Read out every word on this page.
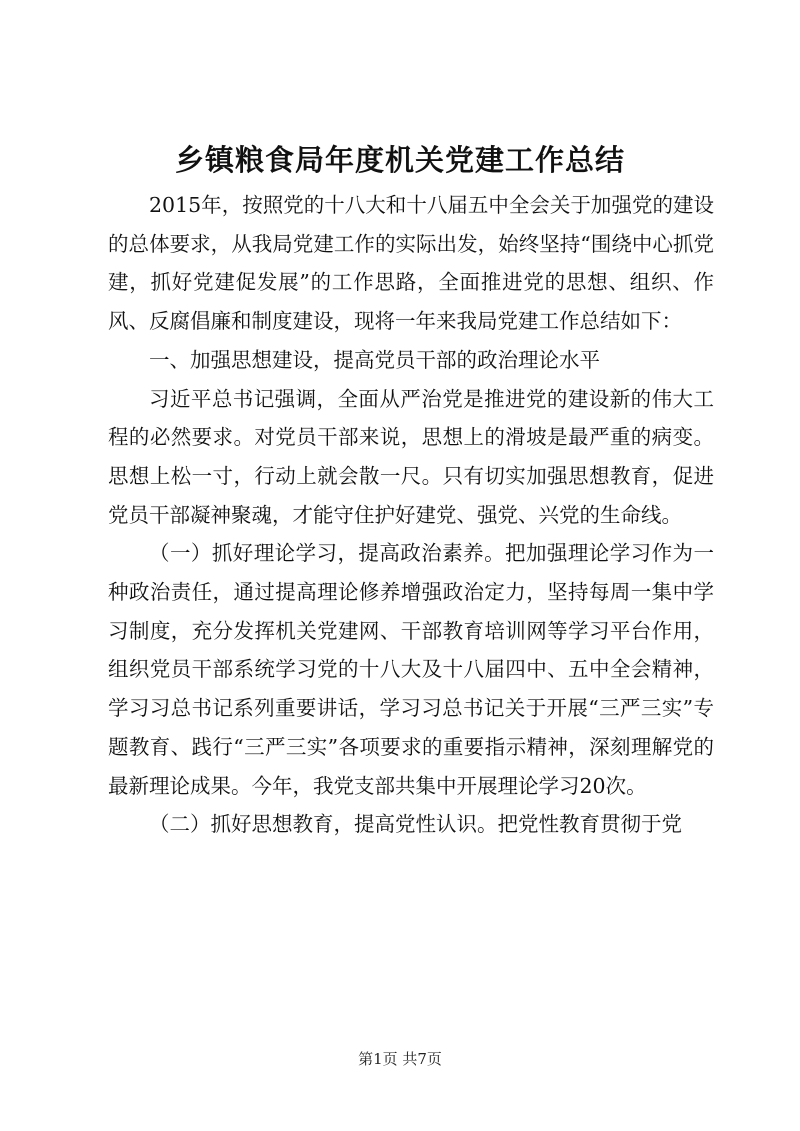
乡镇粮食局年度机关党建工作总结

2015年，按照党的十八大和十八届五中全会关于加强党的建设的总体要求，从我局党建工作的实际出发，始终坚持“围绕中心抓党建，抓好党建促发展”的工作思路，全面推进党的思想、组织、作风、反腐倡廉和制度建设，现将一年来我局党建工作总结如下：

一、加强思想建设，提高党员干部的政治理论水平

习近平总书记强调，全面从严治党是推进党的建设新的伟大工程的必然要求。对党员干部来说，思想上的滑坡是最严重的病变。思想上松一寸，行动上就会散一尺。只有切实加强思想教育，促进党员干部凝神聚魂，才能守住护好建党、强党、兴党的生命线。

（一）抓好理论学习，提高政治素养。把加强理论学习作为一种政治责任，通过提高理论修养增强政治定力，坚持每周一集中学习制度，充分发挥机关党建网、干部教育培训网等学习平台作用，组织党员干部系统学习党的十八大及十八届四中、五中全会精神，学习习总书记系列重要讲话，学习习总书记关于开展“三严三实”专题教育、践行“三严三实”各项要求的重要指示精神，深刻理解党的最新理论成果。今年，我党支部共集中开展理论学习20次。

（二）抓好思想教育，提高党性认识。把党性教育贯彻于党

第1页 共7页
